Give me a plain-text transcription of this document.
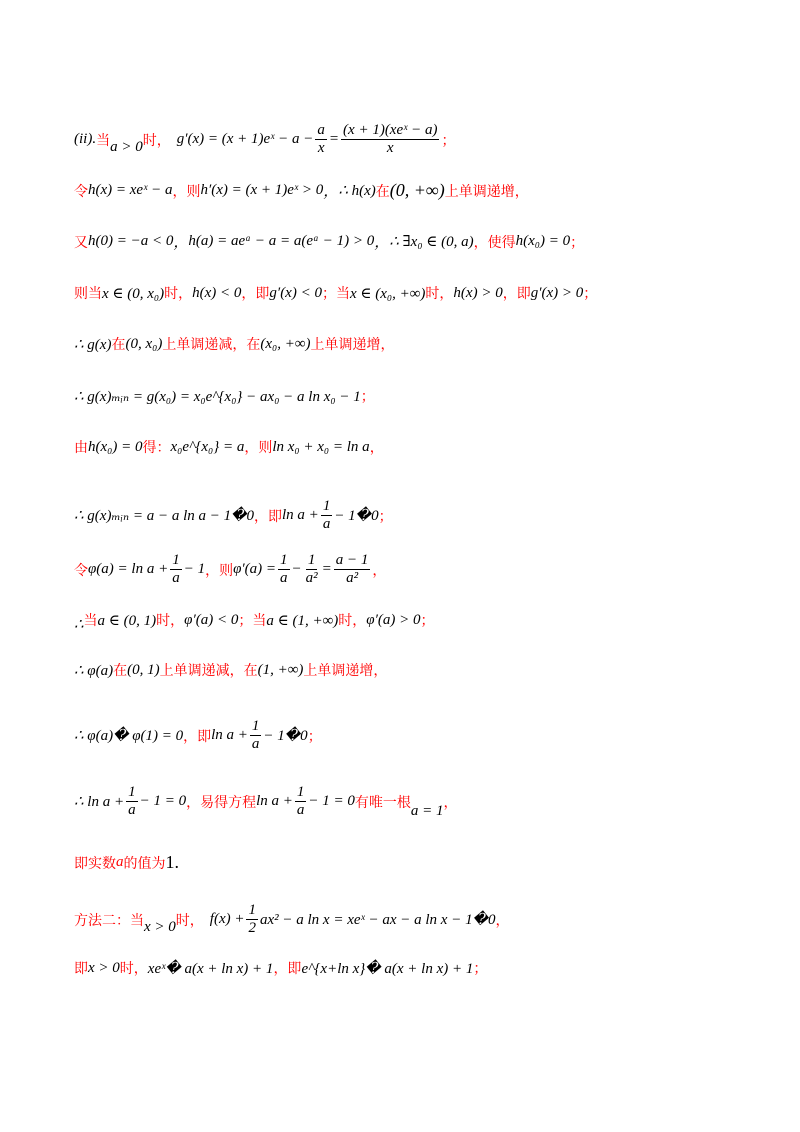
(ii). 当 a > 0 时， g′(x) = (x + 1)eˣ − $a - \frac{a}{x} = \frac{\text{(x + 1)(xeˣ − a)}}{x}$ ；
令 h(x) = xeˣ − a ，则 h′(x) = (x + 1)eˣ > 0 ， ∴ h(x) 在 (0, +∞) 上单调递增，
又 h(0) = −a < 0 ， h(a) = aeᵃ − a = a(eᵃ − 1) > 0 ， ∴ ∃x₀ ∈ (0, a) ，使得 h(x₀) = 0 ；
则当 x ∈ (0, x₀) 时， h(x) < 0 ，即 g′(x) < 0 ；当 x ∈ (x₀, +∞) 时， h(x) > 0 ，即 g′(x) > 0 ；
∴ g(x) 在 (0, x₀) 上单调递减，在 (x₀, +∞) 上单调递增，
∴ g(x)ₘᵢₙ = g(x₀) = x₀e^{x₀} − ax₀ − a ln x₀ − 1 ；
由 h(x₀) = 0 得： x₀e^{x₀} = a ，则 ln x₀ + x₀ = ln a ，
∴ g(x)ₘᵢₙ = a − a ln a − 1�0 ，即 $\ln a + \frac{1}{a}$ − 1�0 ；
令 $\varphi(a) = \ln a + \frac{1}{a} - 1$ ，则 $\varphi'(a) = \frac{1}{a} - \frac{1}{\text{a²}} = \frac{a - 1}{\text{a²}}$ ，
∴ 当 a ∈ (0, 1) 时， φ′(a) < 0 ；当 a ∈ (1, +∞) 时， φ′(a) > 0 ；
∴ φ(a) 在 (0, 1) 上单调递减，在 (1, +∞) 上单调递增，
∴ φ(a)� φ(1) = 0 ，即 $\ln a + \frac{1}{a}$ − 1�0 ；
∴ $\ln a + \frac{1}{a} - 1 = 0$ ，易得方程 $\ln a + \frac{1}{a} - 1 = 0$ 有唯一根
a = 1
，
即实数 a 的值为 1.
方法二：当 x > 0 时， $f(x) + \frac{1}{2} ax^2 - a$ ln x = xeˣ − ax − a ln x − 1�0 ，
即 x > 0 时， xeˣ� a(x + ln x) + 1 ，即 e^{x+ln x}� a(x + ln x) + 1 ；
